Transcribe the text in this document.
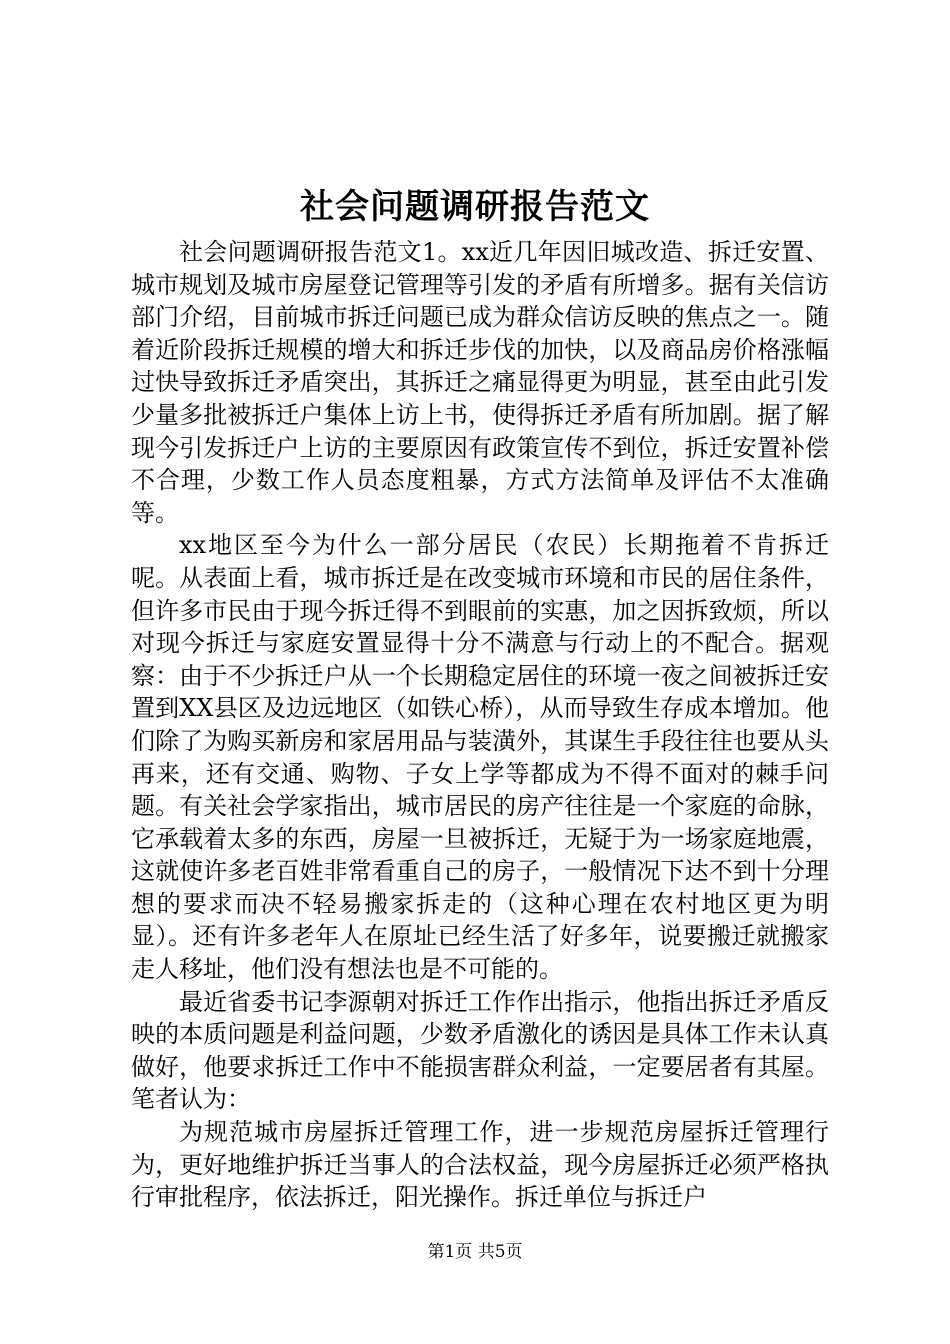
社会问题调研报告范文

社会问题调研报告范文1。xx近几年因旧城改造、拆迁安置、城市规划及城市房屋登记管理等引发的矛盾有所增多。据有关信访部门介绍，目前城市拆迁问题已成为群众信访反映的焦点之一。随着近阶段拆迁规模的增大和拆迁步伐的加快，以及商品房价格涨幅过快导致拆迁矛盾突出，其拆迁之痛显得更为明显，甚至由此引发少量多批被拆迁户集体上访上书，使得拆迁矛盾有所加剧。据了解现今引发拆迁户上访的主要原因有政策宣传不到位，拆迁安置补偿不合理，少数工作人员态度粗暴，方式方法简单及评估不太准确等。

xx地区至今为什么一部分居民（农民）长期拖着不肯拆迁呢。从表面上看，城市拆迁是在改变城市环境和市民的居住条件，但许多市民由于现今拆迁得不到眼前的实惠，加之因拆致烦，所以对现今拆迁与家庭安置显得十分不满意与行动上的不配合。据观察：由于不少拆迁户从一个长期稳定居住的环境一夜之间被拆迁安置到XX县区及边远地区（如铁心桥），从而导致生存成本增加。他们除了为购买新房和家居用品与装潢外，其谋生手段往往也要从头再来，还有交通、购物、子女上学等都成为不得不面对的棘手问题。有关社会学家指出，城市居民的房产往往是一个家庭的命脉，它承载着太多的东西，房屋一旦被拆迁，无疑于为一场家庭地震，这就使许多老百姓非常看重自己的房子，一般情况下达不到十分理想的要求而决不轻易搬家拆走的（这种心理在农村地区更为明显）。还有许多老年人在原址已经生活了好多年，说要搬迁就搬家走人移址，他们没有想法也是不可能的。

最近省委书记李源朝对拆迁工作作出指示，他指出拆迁矛盾反映的本质问题是利益问题，少数矛盾激化的诱因是具体工作未认真做好，他要求拆迁工作中不能损害群众利益，一定要居者有其屋。笔者认为：

为规范城市房屋拆迁管理工作，进一步规范房屋拆迁管理行为，更好地维护拆迁当事人的合法权益，现今房屋拆迁必须严格执行审批程序，依法拆迁，阳光操作。拆迁单位与拆迁户

第1页 共5页
